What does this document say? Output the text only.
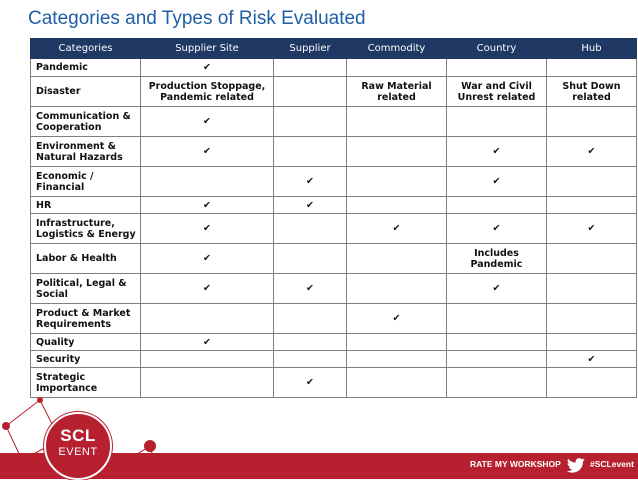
Categories and Types of Risk Evaluated
Categories	Supplier Site	Supplier	Commodity	Country	Hub
Pandemic	✔				
Disaster	Production Stoppage, Pandemic related		Raw Material related	War and Civil Unrest related	Shut Down related
Communication & Cooperation	✔				
Environment & Natural Hazards	✔			✔	✔
Economic / Financial		✔		✔	
HR	✔	✔			
Infrastructure, Logistics & Energy	✔		✔	✔	✔
Labor & Health	✔			Includes Pandemic	
Political, Legal & Social	✔	✔		✔	
Product & Market Requirements			✔		
Quality	✔				
Security					✔
Strategic Importance		✔			
SCL
EVENT
RATE MY WORKSHOP	#SCLevent
